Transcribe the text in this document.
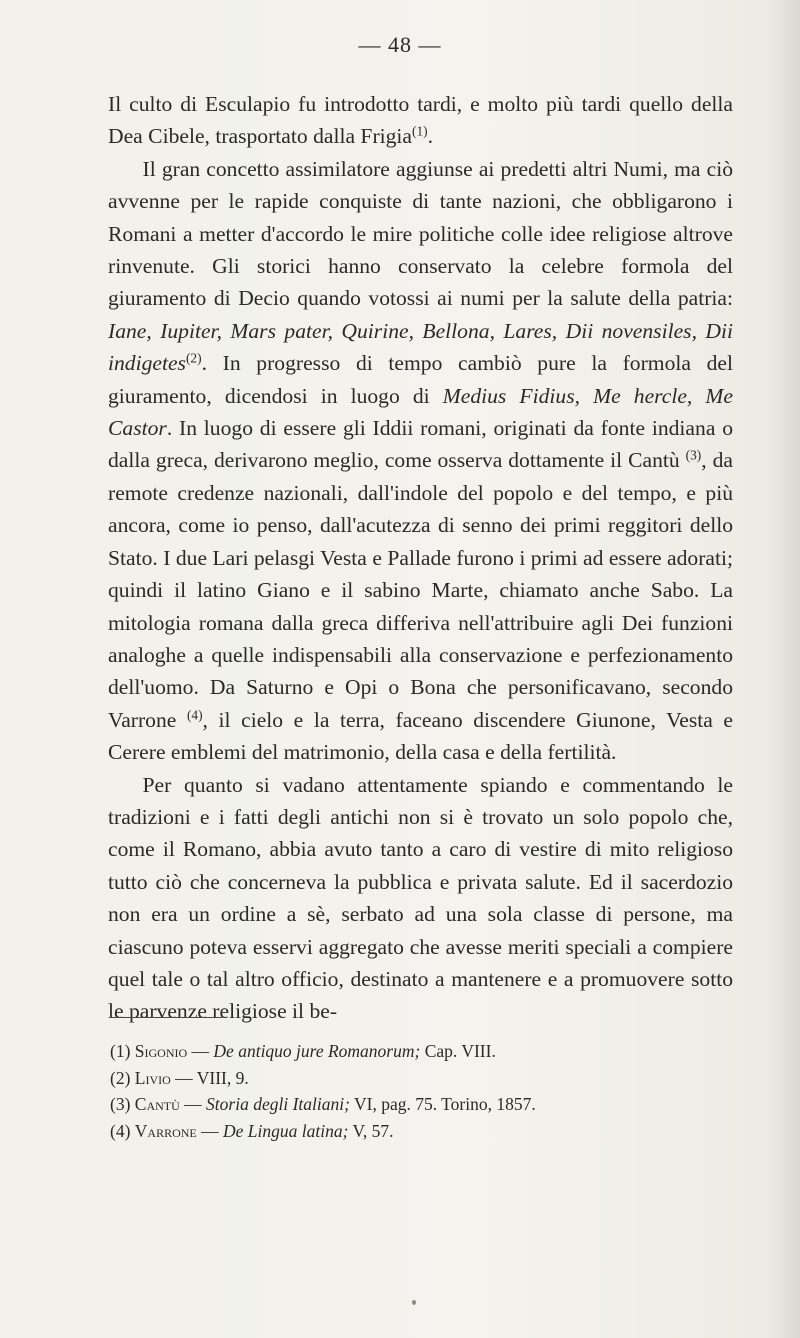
— 48 —

Il culto di Esculapio fu introdotto tardi, e molto più tardi quello della Dea Cibele, trasportato dalla Frigia$^{(1)}$.

Il gran concetto assimilatore aggiunse ai predetti altri Numi, ma ciò avvenne per le rapide conquiste di tante nazioni, che obbligarono i Romani a metter d'accordo le mire politiche colle idee religiose altrove rinvenute. Gli storici hanno conservato la celebre formola del giuramento di Decio quando votossi ai numi per la salute della patria: Iane, Iupiter, Mars pater, Quirine, Bellona, Lares, Dii novensiles, Dii indigetes$^{(2)}$. In progresso di tempo cambiò pure la formola del giuramento, dicendosi in luogo di Medius Fidius, Me hercle, Me Castor. In luogo di essere gli Iddii romani, originati da fonte indiana o dalla greca, derivarono meglio, come osserva dottamente il Cantù $^{(3)}$, da remote credenze nazionali, dall'indole del popolo e del tempo, e più ancora, come io penso, dall'acutezza di senno dei primi reggitori dello Stato. I due Lari pelasgi Vesta e Pallade furono i primi ad essere adorati; quindi il latino Giano e il sabino Marte, chiamato anche Sabo. La mitologia romana dalla greca differiva nell'attribuire agli Dei funzioni analoghe a quelle indispensabili alla conservazione e perfezionamento dell'uomo. Da Saturno e Opi o Bona che personificavano, secondo Varrone $^{(4)}$, il cielo e la terra, faceano discendere Giunone, Vesta e Cerere emblemi del matrimonio, della casa e della fertilità.

Per quanto si vadano attentamente spiando e commentando le tradizioni e i fatti degli antichi non si è trovato un solo popolo che, come il Romano, abbia avuto tanto a caro di vestire di mito religioso tutto ciò che concerneva la pubblica e privata salute. Ed il sacerdozio non era un ordine a sè, serbato ad una sola classe di persone, ma ciascuno poteva esservi aggregato che avesse meriti speciali a compiere quel tale o tal altro officio, destinato a mantenere e a promuovere sotto le parvenze religiose il be-

(1) Sigonio — De antiquo jure Romanorum; Cap. VIII.
(2) Livio — VIII, 9.
(3) Cantù — Storia degli Italiani; VI, pag. 75. Torino, 1857.
(4) Varrone — De Lingua latina; V, 57.
